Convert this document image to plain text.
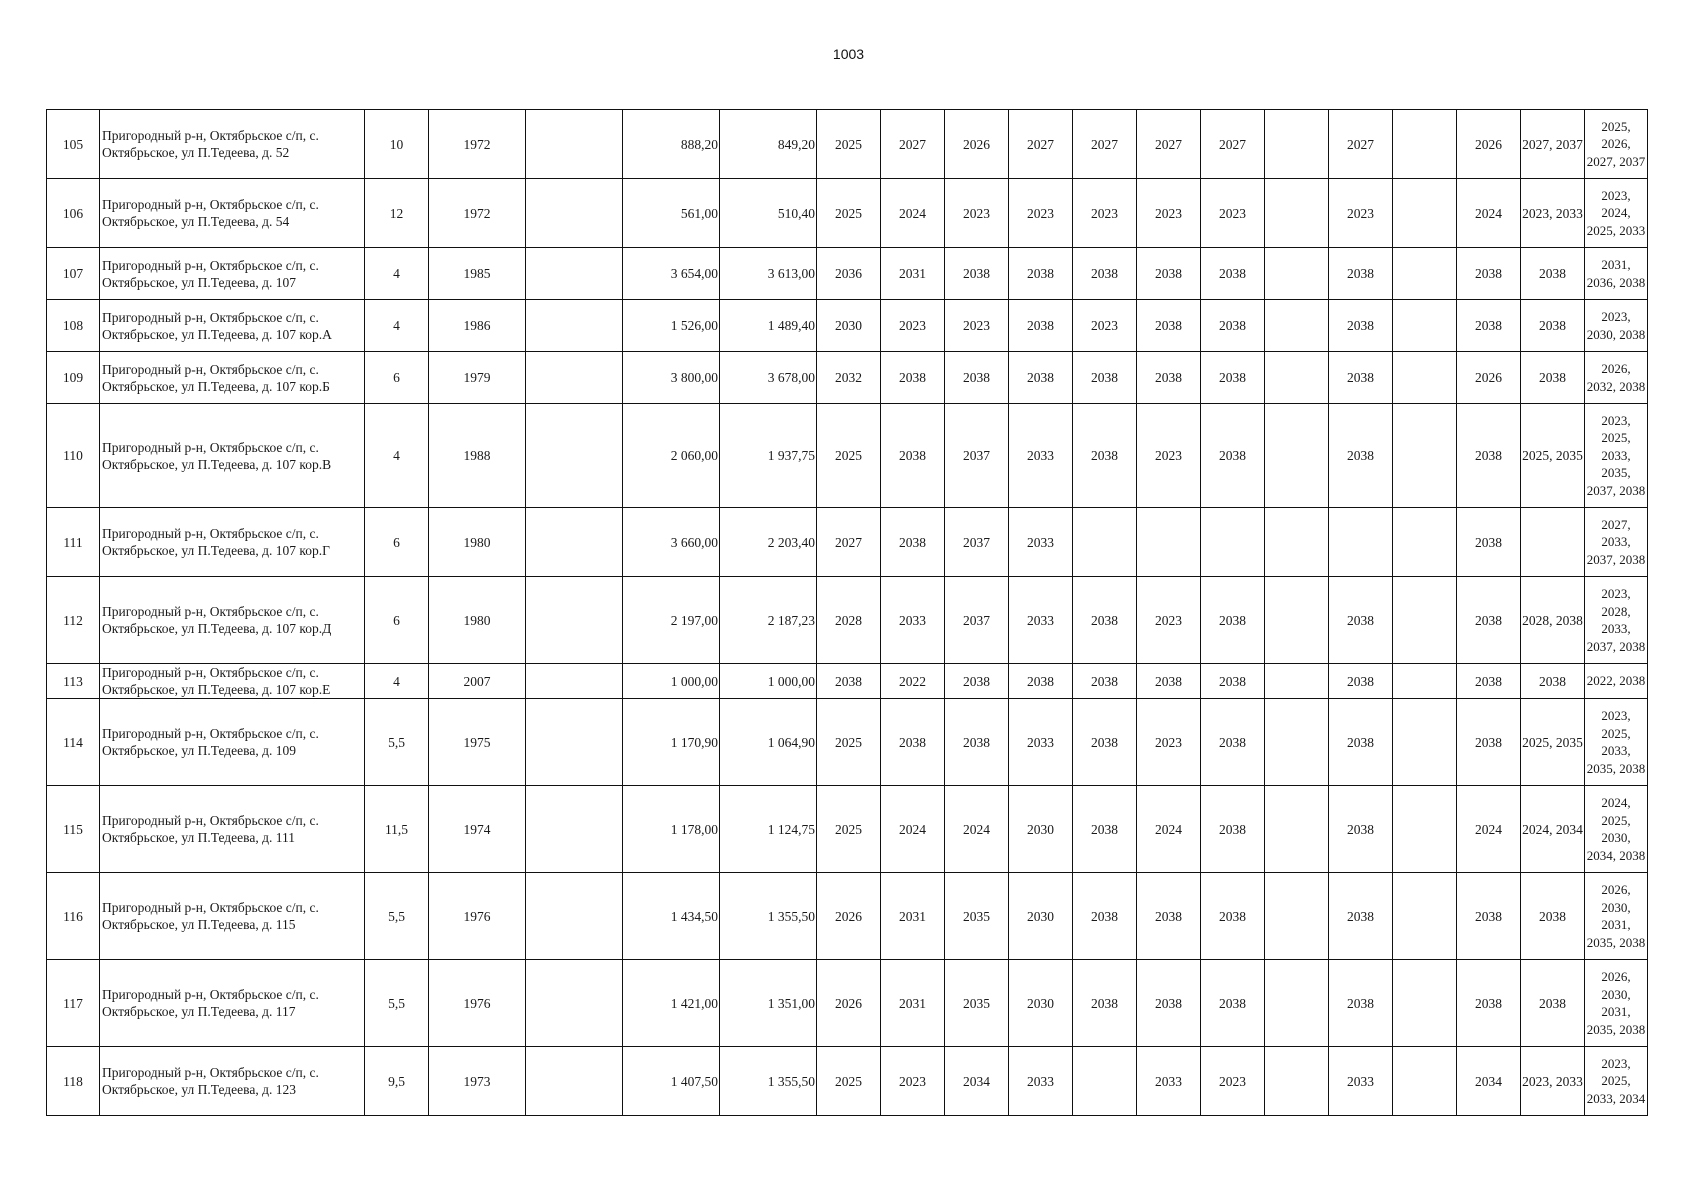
1003
105	Пригородный р-н, Октябрьское с/п, с. Октябрьское, ул П.Тедеева, д. 52	10	1972		888,20	849,20	2025	2027	2026	2027	2027	2027	2027		2027		2026	2027, 2037	2025, 2026, 2027, 2037
106	Пригородный р-н, Октябрьское с/п, с. Октябрьское, ул П.Тедеева, д. 54	12	1972		561,00	510,40	2025	2024	2023	2023	2023	2023	2023		2023		2024	2023, 2033	2023, 2024, 2025, 2033
107	Пригородный р-н, Октябрьское с/п, с. Октябрьское, ул П.Тедеева, д. 107	4	1985		3 654,00	3 613,00	2036	2031	2038	2038	2038	2038	2038		2038		2038	2038	2031, 2036, 2038
108	Пригородный р-н, Октябрьское с/п, с. Октябрьское, ул П.Тедеева, д. 107 кор.А	4	1986		1 526,00	1 489,40	2030	2023	2023	2038	2023	2038	2038		2038		2038	2038	2023, 2030, 2038
109	Пригородный р-н, Октябрьское с/п, с. Октябрьское, ул П.Тедеева, д. 107 кор.Б	6	1979		3 800,00	3 678,00	2032	2038	2038	2038	2038	2038	2038		2038		2026	2038	2026, 2032, 2038
110	Пригородный р-н, Октябрьское с/п, с. Октябрьское, ул П.Тедеева, д. 107 кор.В	4	1988		2 060,00	1 937,75	2025	2038	2037	2033	2038	2023	2038		2038		2038	2025, 2035	2023, 2025, 2033, 2035, 2037, 2038
111	Пригородный р-н, Октябрьское с/п, с. Октябрьское, ул П.Тедеева, д. 107 кор.Г	6	1980		3 660,00	2 203,40	2027	2038	2037	2033							2038		2027, 2033, 2037, 2038
112	Пригородный р-н, Октябрьское с/п, с. Октябрьское, ул П.Тедеева, д. 107 кор.Д	6	1980		2 197,00	2 187,23	2028	2033	2037	2033	2038	2023	2038		2038		2038	2028, 2038	2023, 2028, 2033, 2037, 2038
113	Пригородный р-н, Октябрьское с/п, с. Октябрьское, ул П.Тедеева, д. 107 кор.Е	4	2007		1 000,00	1 000,00	2038	2022	2038	2038	2038	2038	2038		2038		2038	2038	2022, 2038
114	Пригородный р-н, Октябрьское с/п, с. Октябрьское, ул П.Тедеева, д. 109	5,5	1975		1 170,90	1 064,90	2025	2038	2038	2033	2038	2023	2038		2038		2038	2025, 2035	2023, 2025, 2033, 2035, 2038
115	Пригородный р-н, Октябрьское с/п, с. Октябрьское, ул П.Тедеева, д. 111	11,5	1974		1 178,00	1 124,75	2025	2024	2024	2030	2038	2024	2038		2038		2024	2024, 2034	2024, 2025, 2030, 2034, 2038
116	Пригородный р-н, Октябрьское с/п, с. Октябрьское, ул П.Тедеева, д. 115	5,5	1976		1 434,50	1 355,50	2026	2031	2035	2030	2038	2038	2038		2038		2038	2038	2026, 2030, 2031, 2035, 2038
117	Пригородный р-н, Октябрьское с/п, с. Октябрьское, ул П.Тедеева, д. 117	5,5	1976		1 421,00	1 351,00	2026	2031	2035	2030	2038	2038	2038		2038		2038	2038	2026, 2030, 2031, 2035, 2038
118	Пригородный р-н, Октябрьское с/п, с. Октябрьское, ул П.Тедеева, д. 123	9,5	1973		1 407,50	1 355,50	2025	2023	2034	2033		2033	2023		2033		2034	2023, 2033	2023, 2025, 2033, 2034
